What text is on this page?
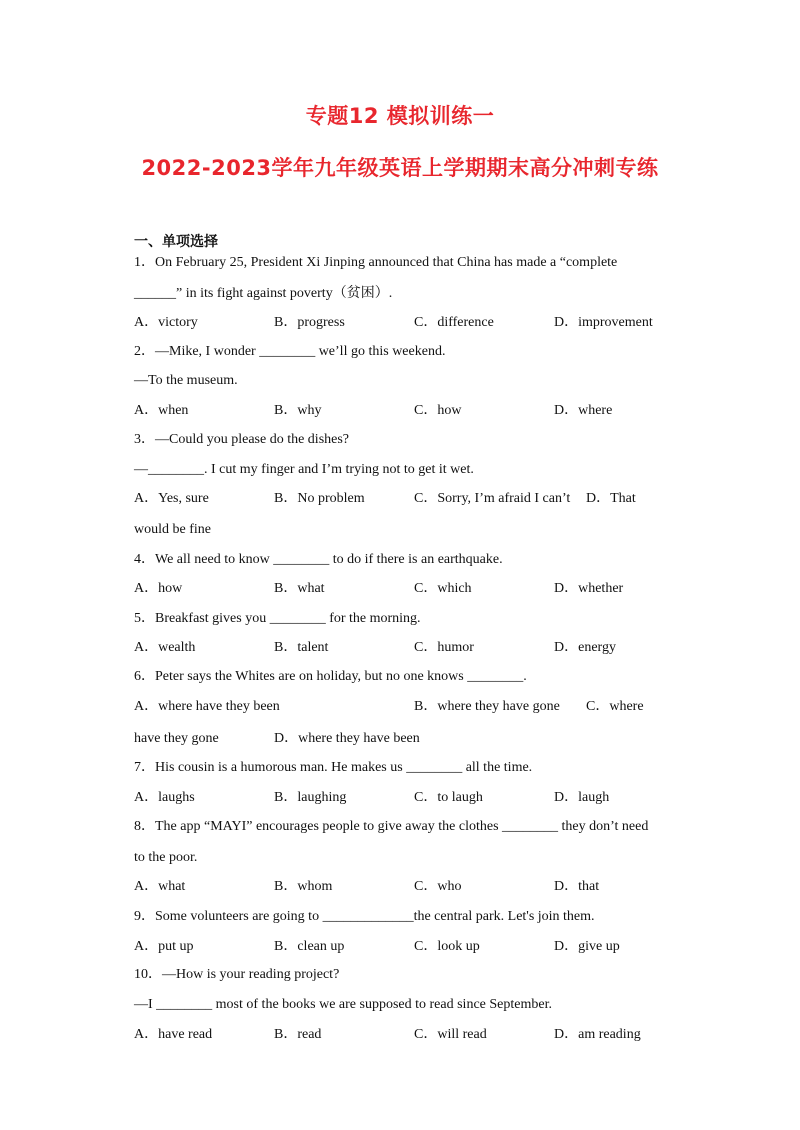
专题12 模拟训练一
2022-2023学年九年级英语上学期期末高分冲刺专练
一、单项选择
1．On February 25, President Xi Jinping announced that China has made a “complete
______” in its fight against poverty（贫困）.
A．victory	B．progress	C．difference	D．improvement
2．—Mike, I wonder ________ we’ll go this weekend.
—To the museum.
A．when	B．why	C．how	D．where
3．—Could you please do the dishes?
—________. I cut my finger and I’m trying not to get it wet.
A．Yes, sure	B．No problem	C．Sorry, I’m afraid I can’t D．That
would be fine
4．We all need to know ________ to do if there is an earthquake.
A．how	B．what	C．which	D．whether
5．Breakfast gives you ________ for the morning.
A．wealth	B．talent	C．humor	D．energy
6．Peter says the Whites are on holiday, but no one knows ________.
A．where have they been	B．where they have gone C．where
have they gone	D．where they have been
7．His cousin is a humorous man. He makes us ________ all the time.
A．laughs	B．laughing	C．to laugh	D．laugh
8．The app “MAYI” encourages people to give away the clothes ________ they don’t need
to the poor.
A．what	B．whom	C．who	D．that
9．Some volunteers are going to _____________the central park. Let's join them.
A．put up	B．clean up	C．look up	D．give up
10．—How is your reading project?
—I ________ most of the books we are supposed to read since September.
A．have read	B．read	C．will read	D．am reading
